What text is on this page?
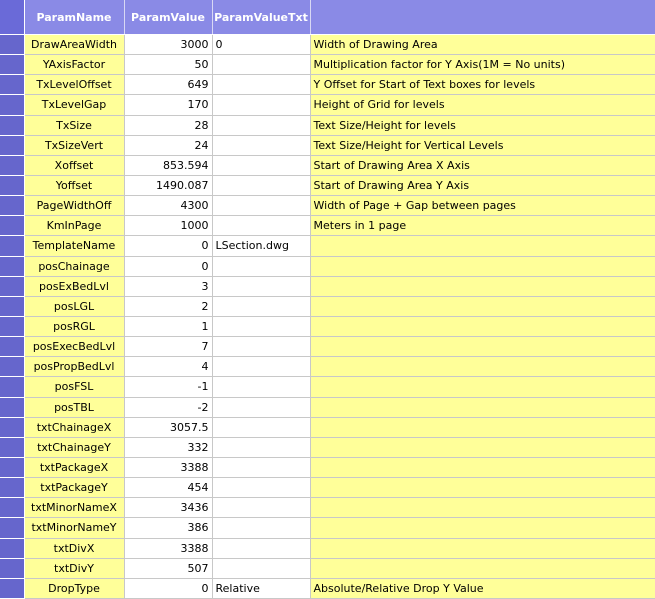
	ParamName	ParamValue	ParamValueTxt	
	DrawAreaWidth	3000	0	Width of Drawing Area
	YAxisFactor	50		Multiplication factor for Y Axis(1M = No units)
	TxLevelOffset	649		Y Offset for Start of Text boxes for levels
	TxLevelGap	170		Height of Grid for levels
	TxSize	28		Text Size/Height for levels
	TxSizeVert	24		Text Size/Height for Vertical Levels
	Xoffset	853.594		Start of Drawing Area X Axis
	Yoffset	1490.087		Start of Drawing Area Y Axis
	PageWidthOff	4300		Width of Page + Gap between pages
	KmInPage	1000		Meters in 1 page
	TemplateName	0	LSection.dwg	
	posChainage	0		
	posExBedLvl	3		
	posLGL	2		
	posRGL	1		
	posExecBedLvl	7		
	posPropBedLvl	4		
	posFSL	-1		
	posTBL	-2		
	txtChainageX	3057.5		
	txtChainageY	332		
	txtPackageX	3388		
	txtPackageY	454		
	txtMinorNameX	3436		
	txtMinorNameY	386		
	txtDivX	3388		
	txtDivY	507		
	DropType	0	Relative	Absolute/Relative Drop Y Value
